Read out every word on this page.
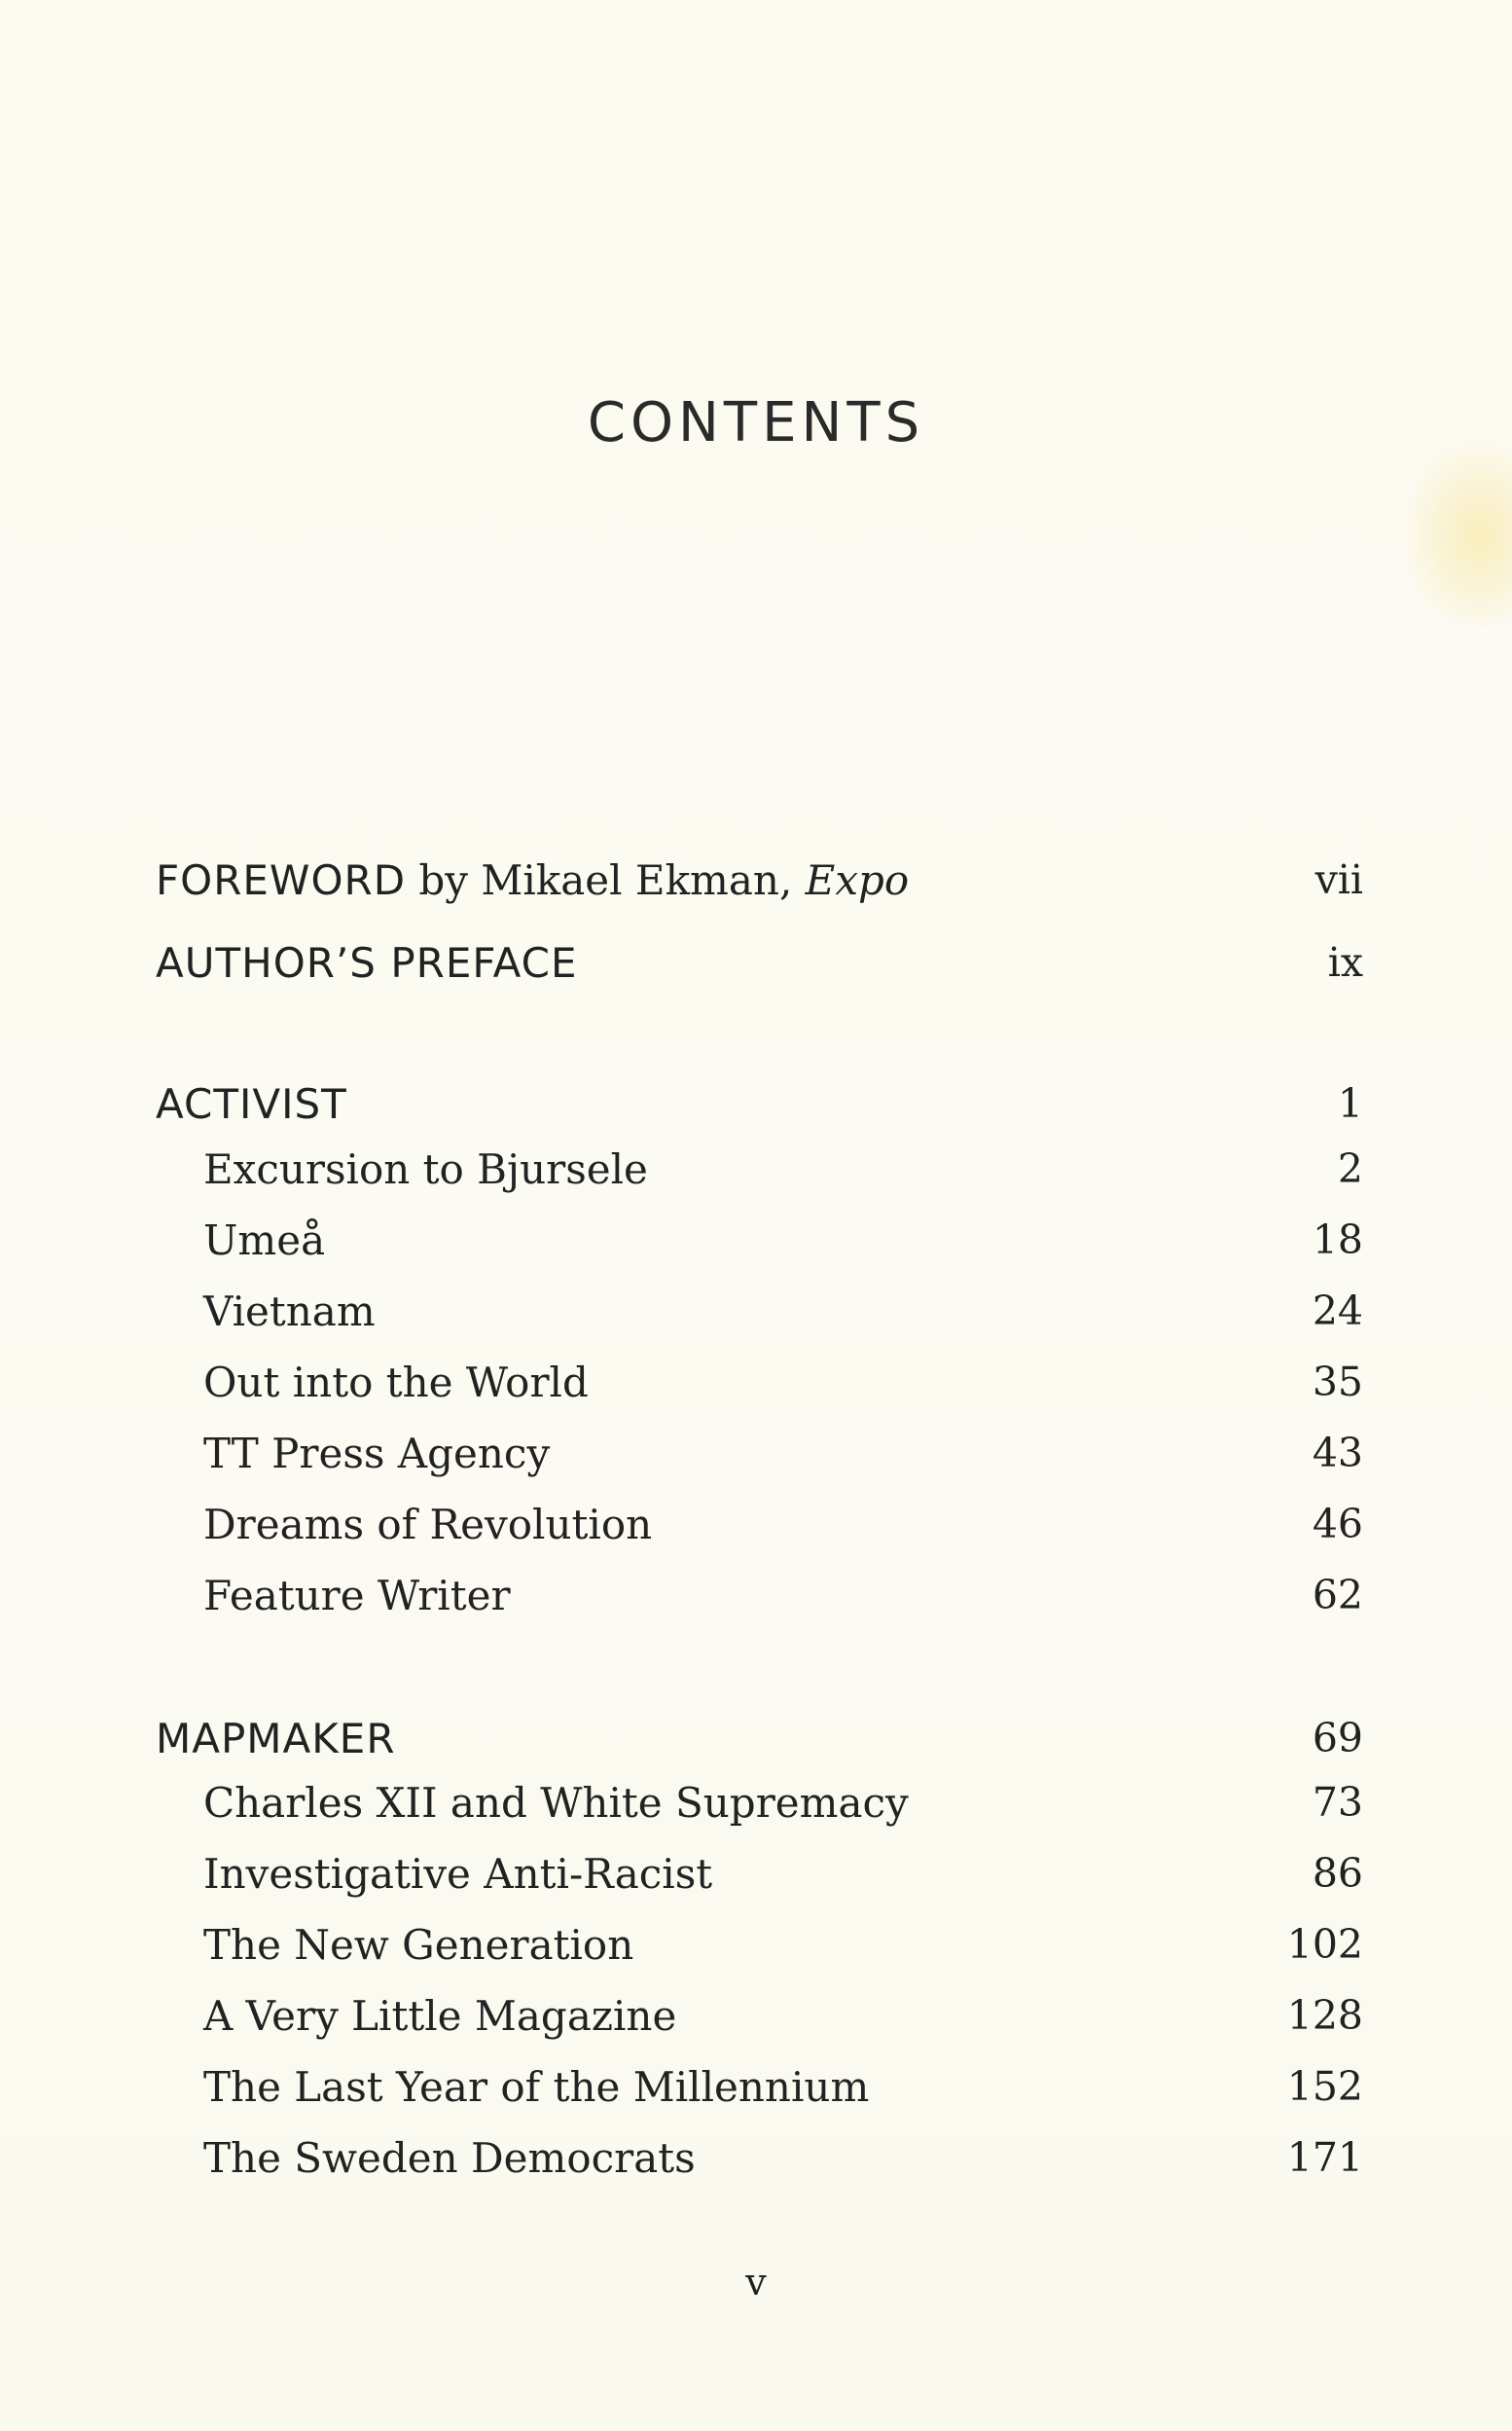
CONTENTS
FOREWORD by Mikael Ekman, Expo	vii
AUTHOR’S PREFACE	ix
ACTIVIST	1
Excursion to Bjursele	2
Umeå	18
Vietnam	24
Out into the World	35
TT Press Agency	43
Dreams of Revolution	46
Feature Writer	62
MAPMAKER	69
Charles XII and White Supremacy	73
Investigative Anti-Racist	86
The New Generation	102
A Very Little Magazine	128
The Last Year of the Millennium	152
The Sweden Democrats	171
v
